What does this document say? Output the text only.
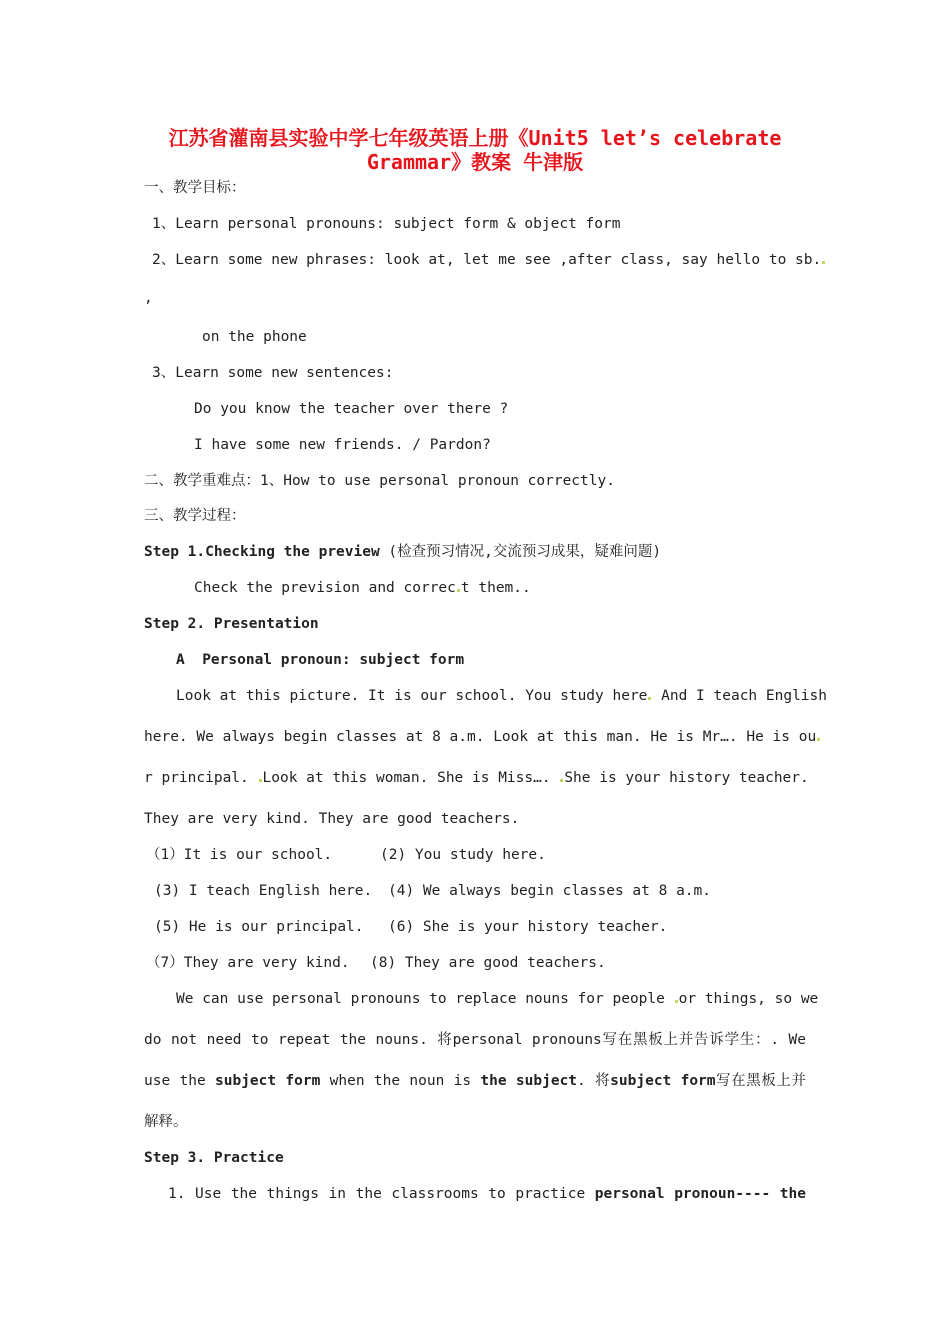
江苏省灌南县实验中学七年级英语上册《Unit5 let’s celebrate
Grammar》教案 牛津版
一、教学目标：
1、Learn personal pronouns: subject form & object form
2、Learn some new phrases: look at, let me see ,after class, say hello to sb.
,
on the phone
3、Learn some new sentences:
Do you know the teacher over there ?
I have some new friends. / Pardon?
二、教学重难点：1、How to use personal pronoun correctly.
三、教学过程：
Step 1.Checking the preview (检查预习情况,交流预习成果，疑难问题)
Check the prevision and correc t them..
Step 2. Presentation
A  Personal pronoun: subject form
Look at this picture. It is our school. You study here And I teach English
here. We always begin classes at 8 a.m. Look at this man. He is Mr…. He is ou
r principal. Look at this woman. She is Miss…. She is your history teacher.
They are very kind. They are good teachers.
（1）It is our school.	(2) You study here.
(3) I teach English here. (4) We always begin classes at 8 a.m.
(5) He is our principal. (6) She is your history teacher.
（7）They are very kind. (8) They are good teachers.
We can use personal pronouns to replace nouns for people or things, so we
do not need to repeat the nouns. 将personal pronouns写在黑板上并告诉学生：. We
use the subject form when the noun is the subject. 将subject form写在黑板上并
解释。
Step 3. Practice
1. Use the things in the classrooms to practice personal pronoun---- the
